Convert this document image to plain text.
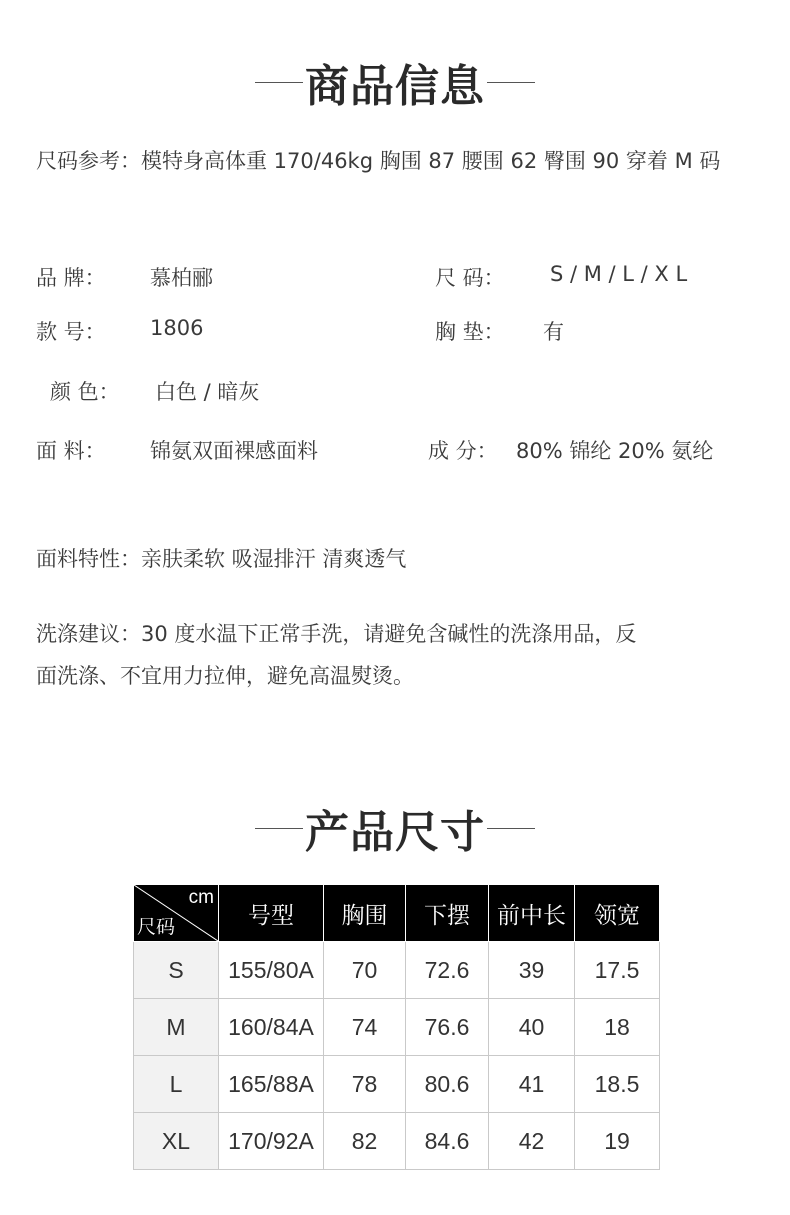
商品信息
尺码参考：模特身高体重 170/46kg 胸围 87 腰围 62 臀围 90 穿着 M 码
品 牌： 慕柏郦	尺 码： S / M / L / X L
款 号： 1806	胸 垫： 有
颜 色： 白色 / 暗灰
面 料： 锦氨双面裸感面料	成 分： 80% 锦纶 20% 氨纶
面料特性：亲肤柔软 吸湿排汗 清爽透气
洗涤建议：30 度水温下正常手洗，请避免含碱性的洗涤用品，反
面洗涤、不宜用力拉伸，避免高温熨烫。
产品尺寸
cm
尺码	号型	胸围	下摆	前中长	领宽
S	155/80A	70	72.6	39	17.5
M	160/84A	74	76.6	40	18
L	165/88A	78	80.6	41	18.5
XL	170/92A	82	84.6	42	19
